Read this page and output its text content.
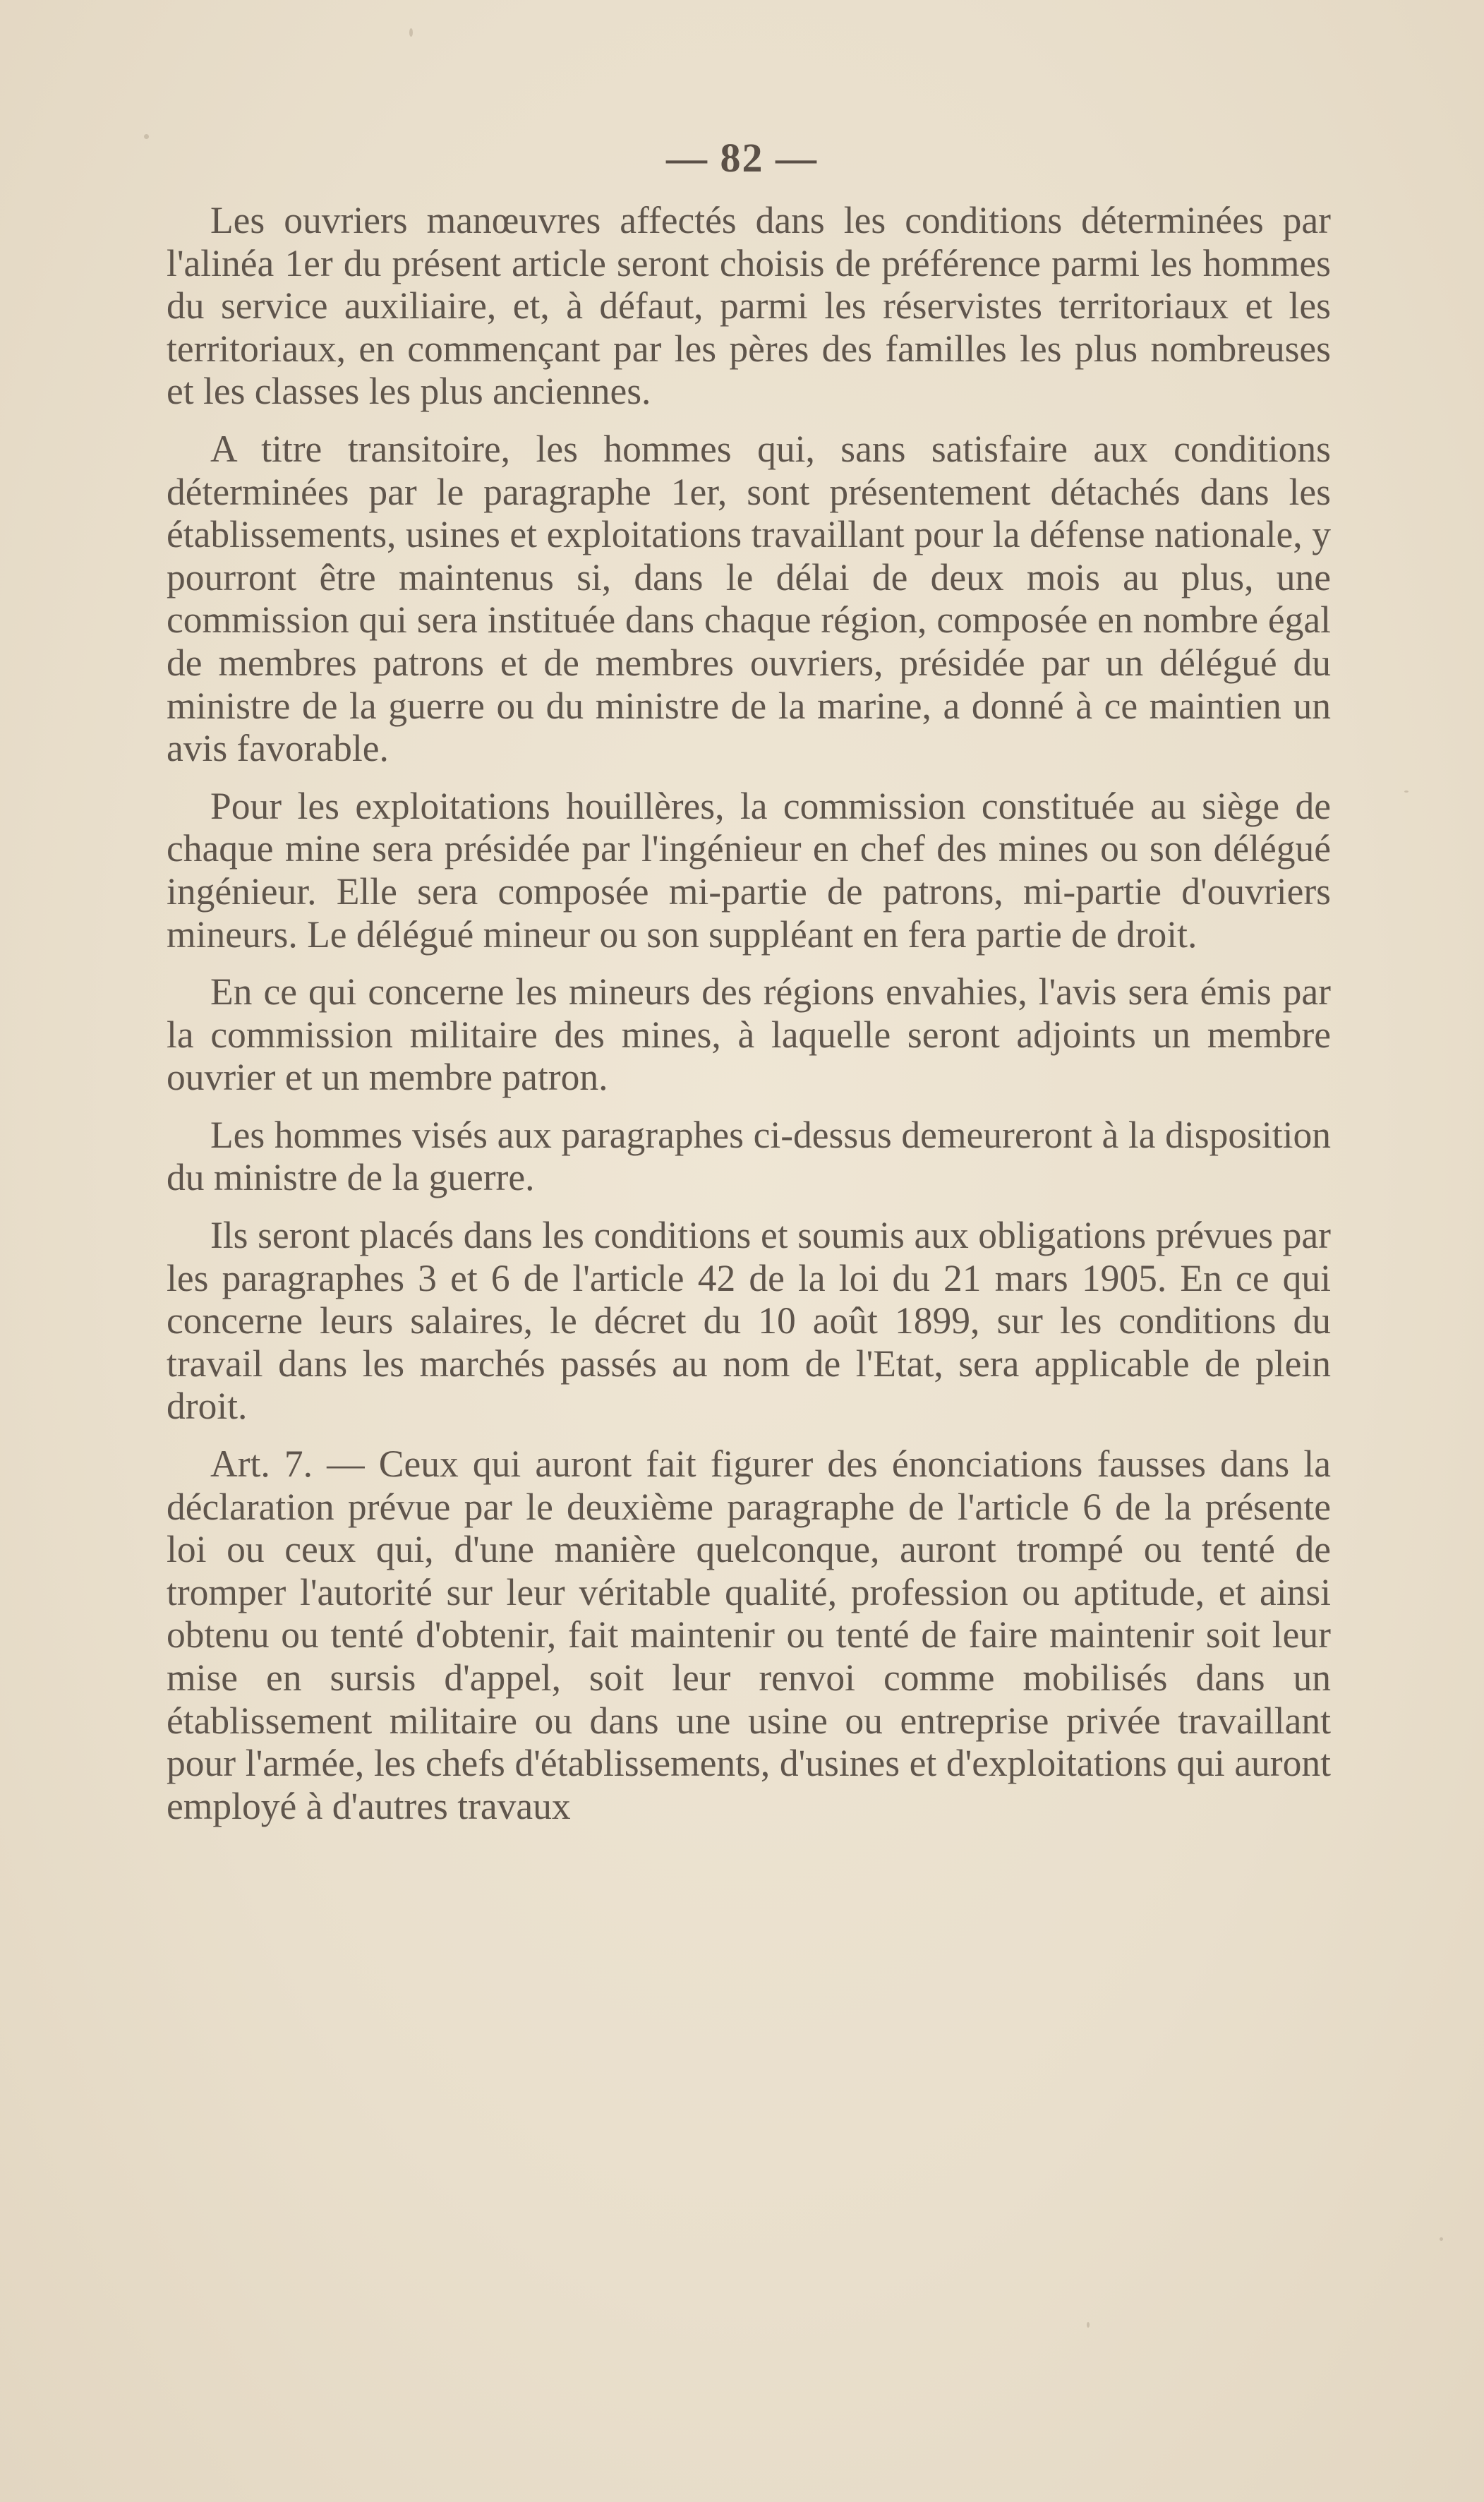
— 82 —

Les ouvriers manœuvres affectés dans les conditions déterminées par l'alinéa 1er du présent article seront choisis de préférence parmi les hommes du service auxiliaire, et, à défaut, parmi les réservistes territoriaux et les territoriaux, en commençant par les pères des familles les plus nombreuses et les classes les plus anciennes.

A titre transitoire, les hommes qui, sans satisfaire aux conditions déterminées par le paragraphe 1er, sont présentement détachés dans les établissements, usines et exploitations travaillant pour la défense nationale, y pourront être maintenus si, dans le délai de deux mois au plus, une commission qui sera instituée dans chaque région, composée en nombre égal de membres patrons et de membres ouvriers, présidée par un délégué du ministre de la guerre ou du ministre de la marine, a donné à ce maintien un avis favorable.

Pour les exploitations houillères, la commission constituée au siège de chaque mine sera présidée par l'ingénieur en chef des mines ou son délégué ingénieur. Elle sera composée mi-partie de patrons, mi-partie d'ouvriers mineurs. Le délégué mineur ou son suppléant en fera partie de droit.

En ce qui concerne les mineurs des régions envahies, l'avis sera émis par la commission militaire des mines, à laquelle seront adjoints un membre ouvrier et un membre patron.

Les hommes visés aux paragraphes ci-dessus demeureront à la disposition du ministre de la guerre.

Ils seront placés dans les conditions et soumis aux obligations prévues par les paragraphes 3 et 6 de l'article 42 de la loi du 21 mars 1905. En ce qui concerne leurs salaires, le décret du 10 août 1899, sur les conditions du travail dans les marchés passés au nom de l'Etat, sera applicable de plein droit.

Art. 7. — Ceux qui auront fait figurer des énonciations fausses dans la déclaration prévue par le deuxième paragraphe de l'article 6 de la présente loi ou ceux qui, d'une manière quelconque, auront trompé ou tenté de tromper l'autorité sur leur véritable qualité, profession ou aptitude, et ainsi obtenu ou tenté d'obtenir, fait maintenir ou tenté de faire maintenir soit leur mise en sursis d'appel, soit leur renvoi comme mobilisés dans un établissement militaire ou dans une usine ou entreprise privée travaillant pour l'armée, les chefs d'établissements, d'usines et d'exploitations qui auront employé à d'autres travaux
